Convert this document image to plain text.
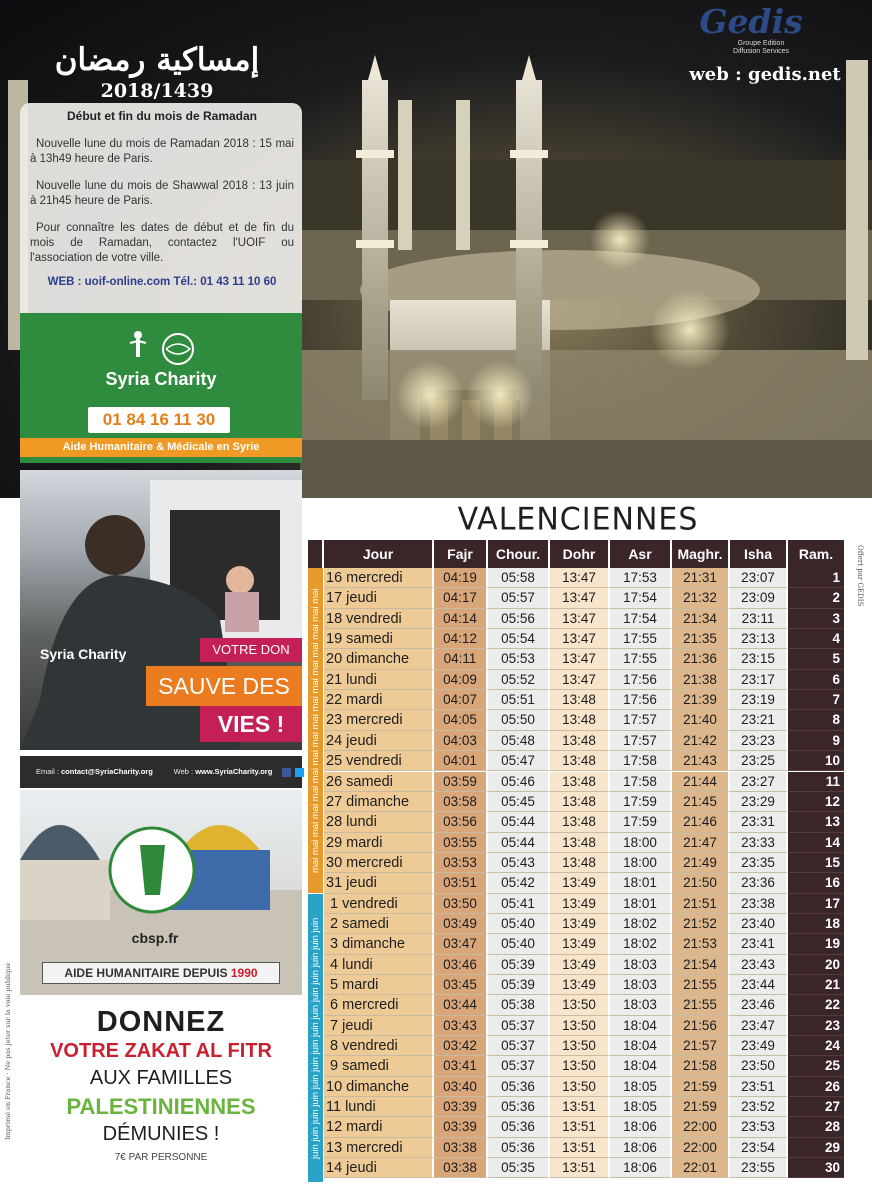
إمساكية رمضان
2018/1439
Début et fin du mois de Ramadan

Nouvelle lune du mois de Ramadan 2018 : 15 mai à 13h49 heure de Paris.

Nouvelle lune du mois de Shawwal 2018 : 13 juin à 21h45 heure de Paris.

Pour connaître les dates de début et de fin du mois de Ramadan, contactez l'UOIF ou l'association de votre ville.

WEB : uoif-online.com Tél.: 01 43 11 10 60
Syria Charity
01 84 16 11 30
Aide Humanitaire & Médicale en Syrie
Syria Charity	VOTRE DON
SAUVE DES
VIES !
Email : contact@SyriaCharity.org	Web : www.SyriaCharity.org
cbsp.fr
AIDE HUMANITAIRE DEPUIS 1990
DONNEZ
VOTRE ZAKAT AL FITR
AUX FAMILLES
PALESTINIENNES
DÉMUNIES !
7€ PAR PERSONNE
Imprimé en France · Ne pas jeter sur la voie publique
Offert par GEDIS
Gedis
Groupe Edition
Diffusion Services
web : gedis.net
VALENCIENNES
Jour	Fajr	Chour.	Dohr	Asr	Maghr.	Isha	Ram.
mai mai mai mai mai mai mai mai mai mai mai mai mai mai mai mai
juin juin juin juin juin juin juin juin juin juin juin juin juin juin
16 mercredi	04:19	05:58	13:47	17:53	21:31	23:07	1
17 jeudi	04:17	05:57	13:47	17:54	21:32	23:09	2
18 vendredi	04:14	05:56	13:47	17:54	21:34	23:11	3
19 samedi	04:12	05:54	13:47	17:55	21:35	23:13	4
20 dimanche	04:11	05:53	13:47	17:55	21:36	23:15	5
21 lundi	04:09	05:52	13:47	17:56	21:38	23:17	6
22 mardi	04:07	05:51	13:48	17:56	21:39	23:19	7
23 mercredi	04:05	05:50	13:48	17:57	21:40	23:21	8
24 jeudi	04:03	05:48	13:48	17:57	21:42	23:23	9
25 vendredi	04:01	05:47	13:48	17:58	21:43	23:25	10
26 samedi	03:59	05:46	13:48	17:58	21:44	23:27	11
27 dimanche	03:58	05:45	13:48	17:59	21:45	23:29	12
28 lundi	03:56	05:44	13:48	17:59	21:46	23:31	13
29 mardi	03:55	05:44	13:48	18:00	21:47	23:33	14
30 mercredi	03:53	05:43	13:48	18:00	21:49	23:35	15
31 jeudi	03:51	05:42	13:49	18:01	21:50	23:36	16
1 vendredi	03:50	05:41	13:49	18:01	21:51	23:38	17
2 samedi	03:49	05:40	13:49	18:02	21:52	23:40	18
3 dimanche	03:47	05:40	13:49	18:02	21:53	23:41	19
4 lundi	03:46	05:39	13:49	18:03	21:54	23:43	20
5 mardi	03:45	05:39	13:49	18:03	21:55	23:44	21
6 mercredi	03:44	05:38	13:50	18:03	21:55	23:46	22
7 jeudi	03:43	05:37	13:50	18:04	21:56	23:47	23
8 vendredi	03:42	05:37	13:50	18:04	21:57	23:49	24
9 samedi	03:41	05:37	13:50	18:04	21:58	23:50	25
10 dimanche	03:40	05:36	13:50	18:05	21:59	23:51	26
11 lundi	03:39	05:36	13:51	18:05	21:59	23:52	27
12 mardi	03:39	05:36	13:51	18:06	22:00	23:53	28
13 mercredi	03:38	05:36	13:51	18:06	22:00	23:54	29
14 jeudi	03:38	05:35	13:51	18:06	22:01	23:55	30
